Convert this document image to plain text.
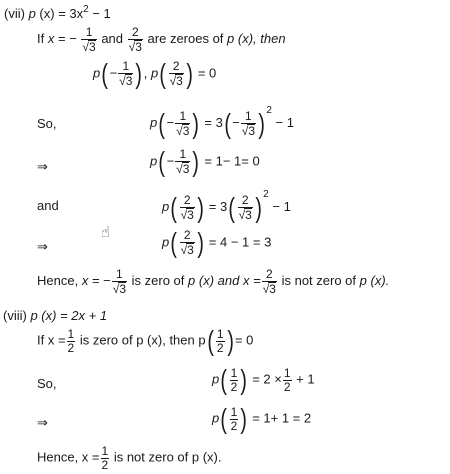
(vii) p $(x) = 3x^2 - 1$
If x = − $\frac{1}{√3}$ and $\frac{2}{√3}$ are zeroes of p (x), then
$p(- \frac{1}{√3}$ ), $p( \frac{2}{√3}$ ) = 0
So,	$p(- \frac{1}{√3}$ ) = $3(- \frac{1}{√3} )^2 - 1$
⇒	$p(- \frac{1}{√3}$ ) = 1− 1= 0
and	$p( \frac{2}{√3}$ ) = $3( \frac{2}{√3} )^2 - 1$
☝
⇒	$p( \frac{2}{√3}$ ) = 4 − 1 = 3
Hence, x = − $\frac{1}{√3}$ is zero of p (x) and $x = \frac{2}{√3}$ is not zero of p (x).
(viii) p (x) = 2x + 1
If $x = \frac{1}{2}$ is zero of p (x), then $p( \frac{1}{2}$ )= 0
So,	$p( \frac{1}{2}$ ) = $2 \times \frac{1}{2} + 1$
⇒	$p( \frac{1}{2}$ ) = 1+ 1 = 2
Hence, $x = \frac{1}{2}$ is not zero of p (x).
